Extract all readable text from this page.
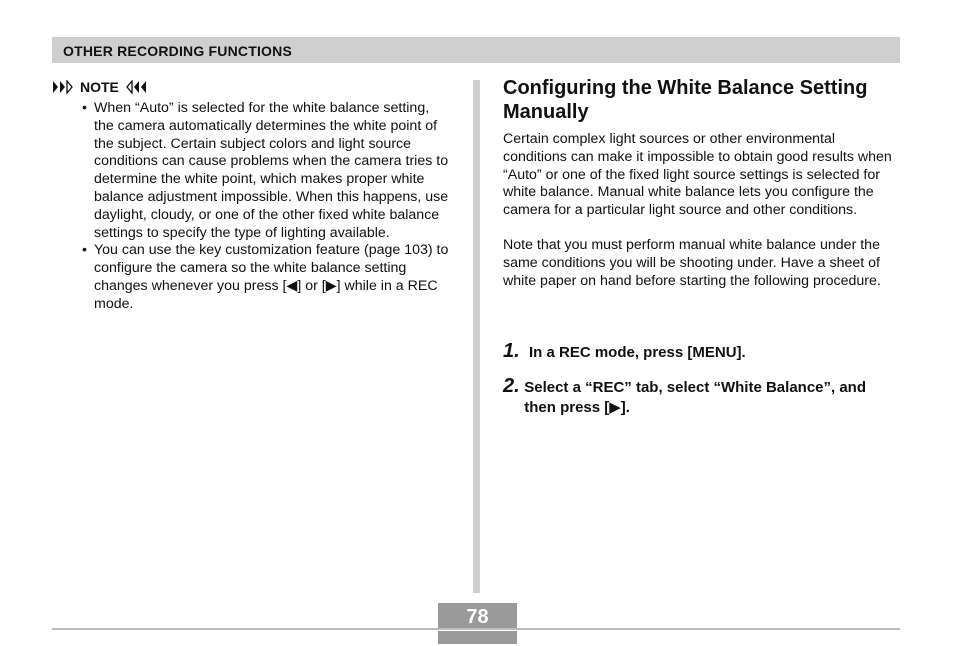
OTHER RECORDING FUNCTIONS
NOTE
• When “Auto” is selected for the white balance setting, the camera automatically determines the white point of the subject. Certain subject colors and light source conditions can cause problems when the camera tries to determine the white point, which makes proper white balance adjustment impossible. When this happens, use daylight, cloudy, or one of the other fixed white balance settings to specify the type of lighting available.
• You can use the key customization feature (page 103) to configure the camera so the white balance setting changes whenever you press [◀] or [▶] while in a REC mode.
Configuring the White Balance Setting Manually
Certain complex light sources or other environmental conditions can make it impossible to obtain good results when “Auto” or one of the fixed light source settings is selected for white balance. Manual white balance lets you configure the camera for a particular light source and other conditions.
Note that you must perform manual white balance under the same conditions you will be shooting under. Have a sheet of white paper on hand before starting the following procedure.
1. In a REC mode, press [MENU].
2. Select a “REC” tab, select “White Balance”, and then press [▶].
78
